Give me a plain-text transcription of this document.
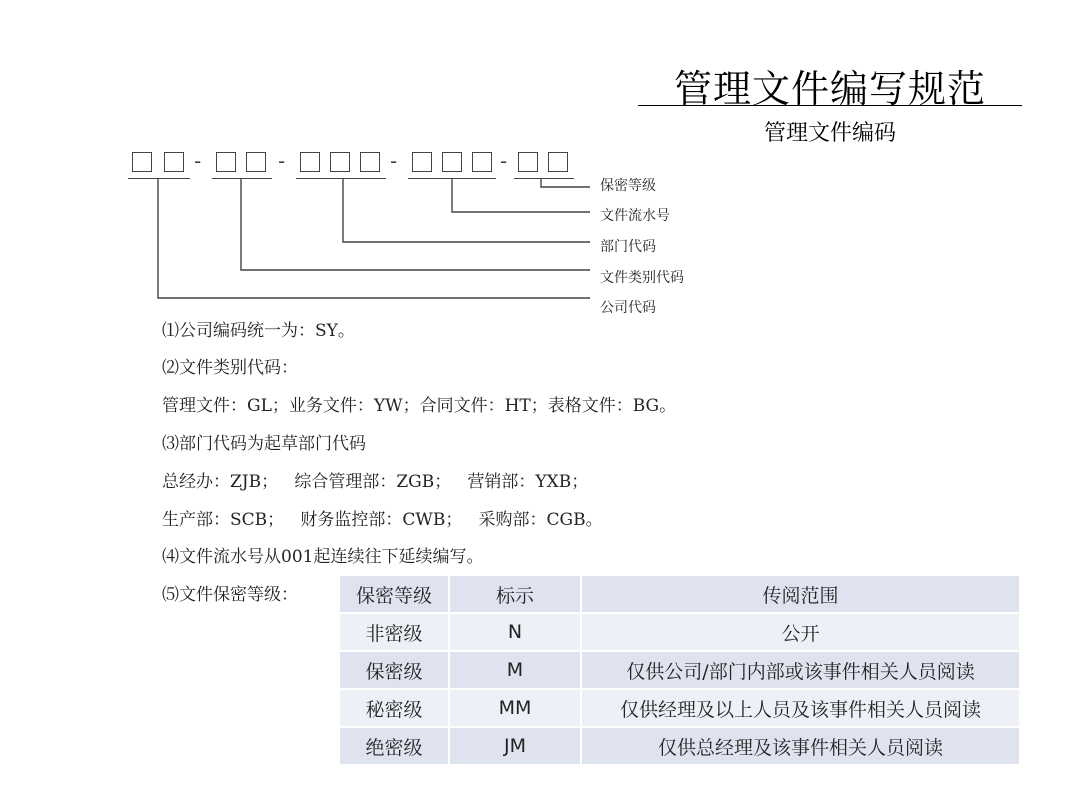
管理文件编写规范
管理文件编码
-	-	-	-
保密等级
文件流水号
部门代码
文件类别代码
公司代码
⑴公司编码统一为：SY。
⑵文件类别代码：
管理文件：GL；业务文件：YW；合同文件：HT；表格文件：BG。
⑶部门代码为起草部门代码
总经办：ZJB；   综合管理部：ZGB；   营销部：YXB；
生产部：SCB；   财务监控部：CWB；   采购部：CGB。
⑷文件流水号从001起连续往下延续编写。
⑸文件保密等级：	保密等级	标示	传阅范围
非密级	N	公开
保密级	M	仅供公司/部门内部或该事件相关人员阅读
秘密级	MM	仅供经理及以上人员及该事件相关人员阅读
绝密级	JM	仅供总经理及该事件相关人员阅读
